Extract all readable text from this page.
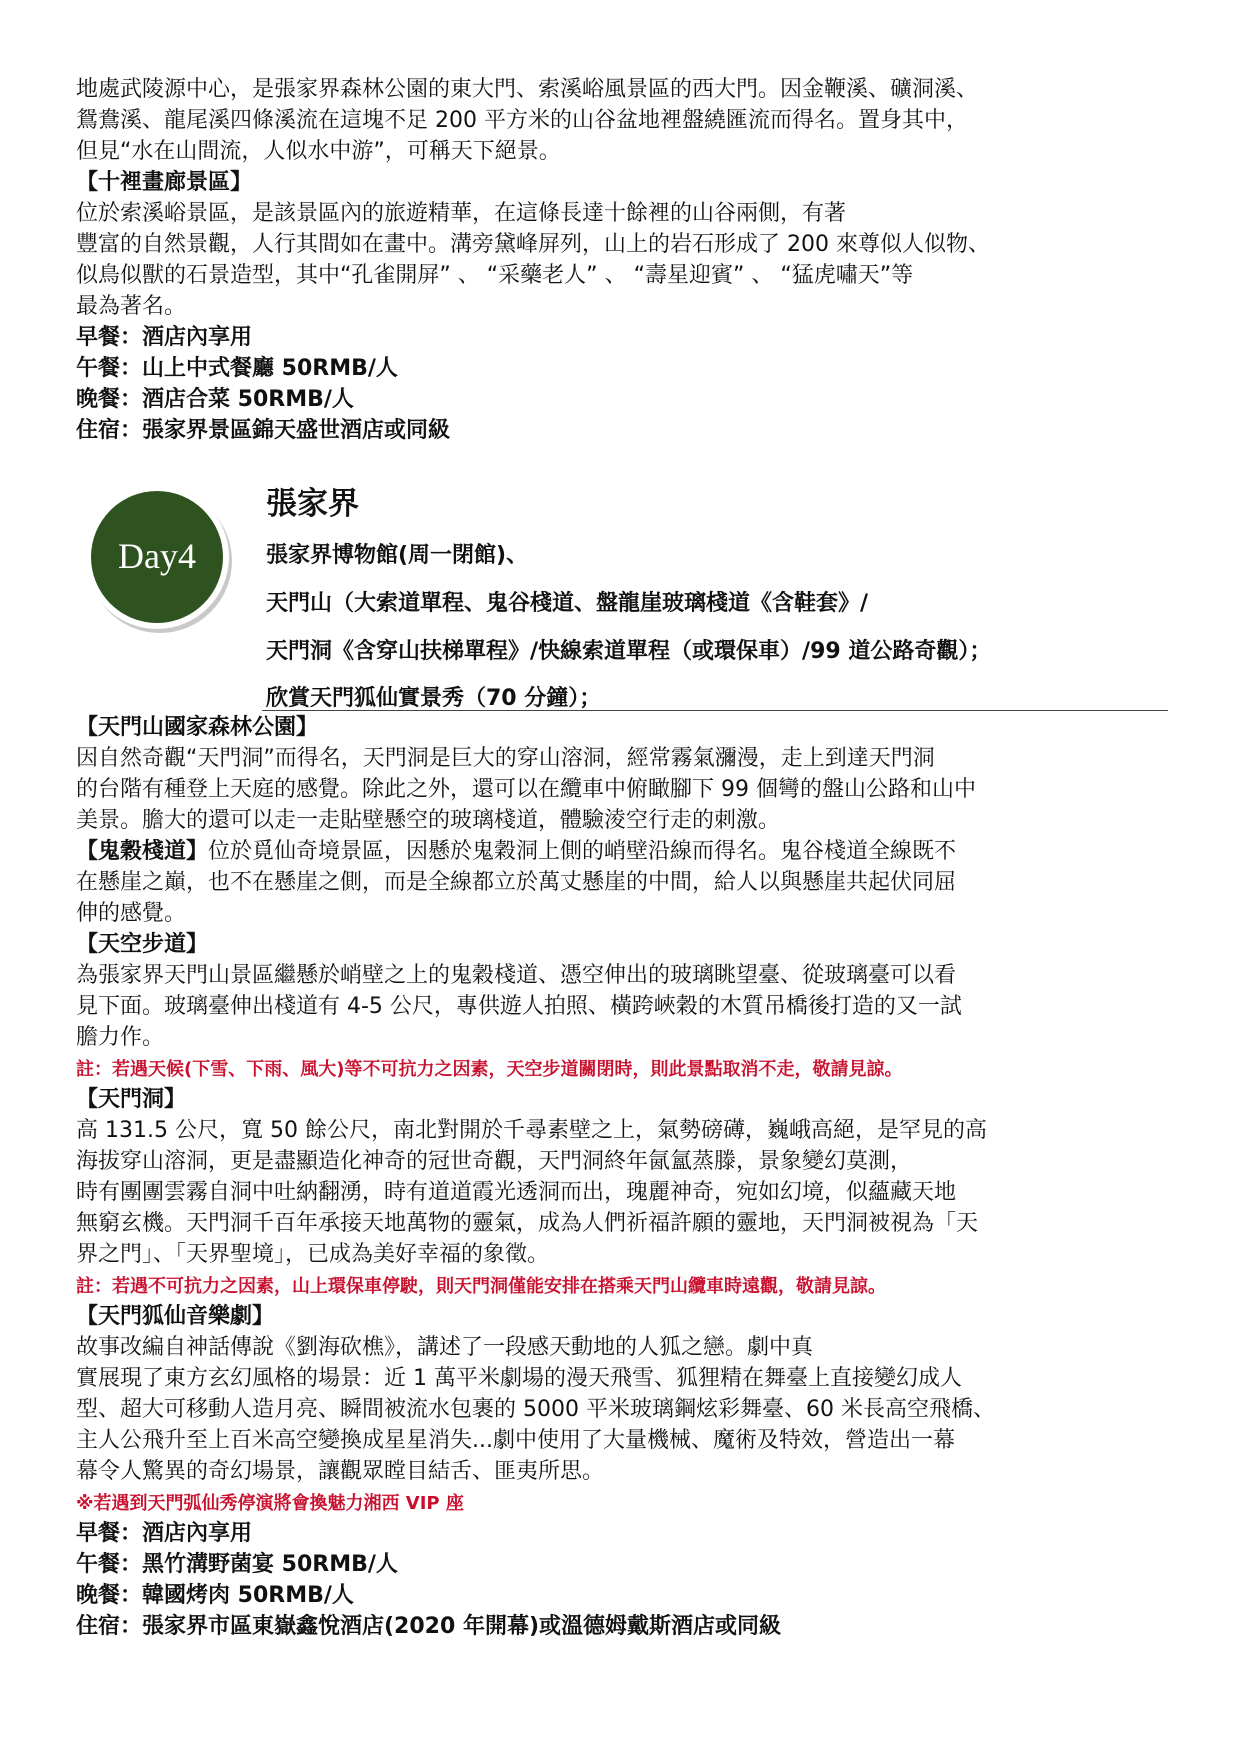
地處武陵源中心，是張家界森林公園的東大門、索溪峪風景區的西大門。因金鞭溪、礦洞溪、

鴛鴦溪、龍尾溪四條溪流在這塊不足 200 平方米的山谷盆地裡盤繞匯流而得名。置身其中，

但見“水在山間流，人似水中游”，可稱天下絕景。

【十裡畫廊景區】

位於索溪峪景區，是該景區內的旅遊精華，在這條長達十餘裡的山谷兩側，有著

豐富的自然景觀，人行其間如在畫中。溝旁黛峰屏列，山上的岩石形成了 200 來尊似人似物、

似鳥似獸的石景造型，其中“孔雀開屏” 、 “采藥老人” 、 “壽星迎賓” 、 “猛虎嘯天”等

最為著名。

早餐：酒店內享用

午餐：山上中式餐廳 50RMB/人

晚餐：酒店合菜 50RMB/人

住宿：張家界景區錦天盛世酒店或同級

Day4
張家界
張家界博物館(周一閉館)、
天門山（大索道單程、鬼谷棧道、盤龍崖玻璃棧道《含鞋套》/
天門洞《含穿山扶梯單程》/快線索道單程（或環保車）/99 道公路奇觀）；
欣賞天門狐仙實景秀（70 分鐘）；

【天門山國家森林公園】

因自然奇觀“天門洞”而得名，天門洞是巨大的穿山溶洞，經常霧氣瀰漫，走上到達天門洞

的台階有種登上天庭的感覺。除此之外，還可以在纜車中俯瞰腳下 99 個彎的盤山公路和山中

美景。膽大的還可以走一走貼壁懸空的玻璃棧道，體驗淩空行走的刺激。

【鬼穀棧道】位於覓仙奇境景區，因懸於鬼穀洞上側的峭壁沿線而得名。鬼谷棧道全線既不

在懸崖之巔，也不在懸崖之側，而是全線都立於萬丈懸崖的中間，給人以與懸崖共起伏同屈

伸的感覺。

【天空步道】

為張家界天門山景區繼懸於峭壁之上的鬼穀棧道、憑空伸出的玻璃眺望臺、從玻璃臺可以看

見下面。玻璃臺伸出棧道有 4-5 公尺，專供遊人拍照、橫跨峽穀的木質吊橋後打造的又一試

膽力作。

註：若遇天候(下雪、下雨、風大)等不可抗力之因素，天空步道關閉時，則此景點取消不走，敬請見諒。

【天門洞】

高 131.5 公尺，寬 50 餘公尺，南北對開於千尋素壁之上，氣勢磅礡，巍峨高絕，是罕見的高

海拔穿山溶洞，更是盡顯造化神奇的冠世奇觀，天門洞終年氤氳蒸滕，景象變幻莫測，

時有團團雲霧自洞中吐納翻湧，時有道道霞光透洞而出，瑰麗神奇，宛如幻境，似蘊藏天地

無窮玄機。天門洞千百年承接天地萬物的靈氣，成為人們祈福許願的靈地，天門洞被視為「天

界之門」、「天界聖境」，已成為美好幸福的象徵。

註：若遇不可抗力之因素，山上環保車停駛，則天門洞僅能安排在搭乘天門山纜車時遠觀，敬請見諒。

【天門狐仙音樂劇】

故事改編自神話傳說《劉海砍樵》，講述了一段感天動地的人狐之戀。劇中真

實展現了東方玄幻風格的場景：近 1 萬平米劇場的漫天飛雪、狐狸精在舞臺上直接變幻成人

型、超大可移動人造月亮、瞬間被流水包裹的 5000 平米玻璃鋼炫彩舞臺、60 米長高空飛橋、

主人公飛升至上百米高空變換成星星消失...劇中使用了大量機械、魔術及特效，營造出一幕

幕令人驚異的奇幻場景，讓觀眾瞠目結舌、匪夷所思。

※若遇到天門弧仙秀停演將會換魅力湘西 VIP 座

早餐：酒店內享用

午餐：黑竹溝野菌宴 50RMB/人

晚餐：韓國烤肉 50RMB/人

住宿：張家界市區東嶽鑫悅酒店(2020 年開幕)或溫德姆戴斯酒店或同級
